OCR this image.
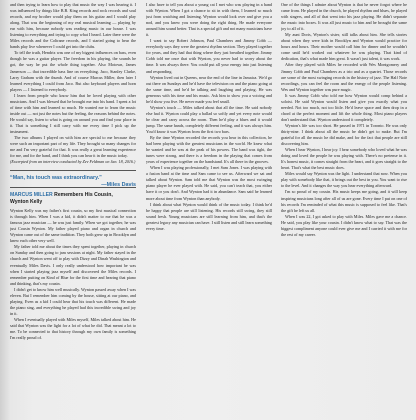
and then trying to learn how to play that music the way I was hearing it. I was influenced by things like B.B. King records and rock records and soul records, and my brother would play them on his guitar and I would play along. That was the beginning of my real musical learning — playing by ear with him, because nobody was reading music in our house. I was listening to everything and trying to copy what I heard. Later there were the Miles records and the Coltrane records, and I started going to hear the bands play live whenever I could get into the clubs.

To tell the truth, Hendrix was one of my biggest influences on bass, even though he was a guitar player. The freedom in his playing, the sounds he got, the way he put the whole thing together. Also Motown, James Jamerson — that incredible bass line on everything. Jaco, Stanley Clarke, Larry Graham with the thumb. And of course Marcus Miller, then later I learned everything I could from Jaco. But also keyboard players and horn players — I listened to everybody.

I learn from people who know him that he loved playing with other musicians. And I was blessed that he brought me into his band. I spent a lot of time with him and learned so much. He wanted me to learn the music inside out — not just the notes but the feeling, the reasons behind the notes. He would say, listen to what is going on around you and find your place in it. That is something I still carry with me every time I pick up the instrument.

The two albums I played on with him are special to me because they were such an important part of my life. They brought so many changes for me and I'm very grateful for that. It was really a great learning experience for me, and for the band, and I think you can hear it in the music today.

(Excerpted from an interview conducted by Zev Feldman on Jan. 18, 2016.)

“Man, his touch was extraordinary.”
—Miles Davis
MARCUS MILLER Remembers His Cousin,
Wynton Kelly

Wynton Kelly was my father's first cousin, so my first musical connection is through him. When I was a kid, it didn't matter to me that he was a famous jazz musician — he was just family. When we got together, he was just Cousin Wynton. My father played piano and organ in church and Wynton came out of the same tradition. They both grew up in Brooklyn and knew each other very well.

My father told me about the times they spent together, playing in church on Sunday and then going to jam sessions at night. My father stayed in the church and Wynton went off to play with Dizzy and Dinah Washington and eventually Miles Davis. I only really understood how important he was when I started playing jazz myself and discovered the Miles records. I remember putting on Kind of Blue for the first time and hearing that piano and thinking, that's my cousin.

I didn't get to know him well musically. Wynton passed away when I was eleven. But I remember him coming by the house, sitting at our piano, and playing. Even as a kid I could hear that his touch was different. He made the piano sing, and everything he played had this incredible swing and joy in it.

When I eventually played with Miles myself, Miles talked about him. He said that Wynton was the light for a lot of what he did. That meant a lot to me. To be connected to that history through my own family is something I'm really proud of.

I also have to tell you about a young cat I met who was playing in a band with Wynton. When I got a chance to sit in with them, I learned so much just from watching and listening. Wynton would look over and give you a nod, and you knew you were doing the right thing. He made everyone around him sound better. That is a special gift and not many musicians have it.

I want to say Robert Johnson, Paul Chambers and Jimmy Cobb — everybody says they were the greatest rhythm section. They played together for years, and they had that thing where they just breathed together. Jimmy Cobb told me once that with Wynton, you never had to worry about the time. It was always there. You could put all your energy into just listening and responding.

Wynton lived out in Queens, near the end of the line in Jamaica. We'd go out there on Sundays and he'd have the television on and the piano going at the same time, and he'd be talking and laughing and playing. He was generous with his time and his music. Ask him to show you a voicing and he'd show you five. He never made you feel small.

Wynton's touch — Miles talked about that all the time. He said nobody else had it. Wynton could play a ballad so softly and yet every note would be clear and carry across the room. Then he'd play a blues and it would jump. The same hands, completely different feeling, and it was always him. You'd know it was Wynton from the first two bars.

By the time Wynton recorded the records you hear in this collection, he had been playing with the greatest musicians in the world. He knew what he wanted and he was at the peak of his powers. The band was tight, the tunes were strong, and there is a freedom in the playing that comes from years of experience together on the bandstand. It's all there in the grooves.

When I was playing professionally, I met Sam Jones. I was playing with a fusion band at the time and Sam came to see us. Afterward we sat and talked about Wynton. Sam told me that Wynton was the most swinging piano player he ever played with. He said, you can't teach that, you either have it or you don't. And Wynton had it in abundance. Sam said he learned more about time from Wynton than anybody.

I think about what Wynton would think of the music today. I think he'd be happy that people are still listening. His records still swing, they still sound fresh. Young musicians are still learning from him, and that's the greatest legacy any musician can have. I still listen and still learn something every time.

One of the things I admire about Wynton is that he never forgot where he came from. He played in the church, he played rhythm and blues, he played with singers, and all of that went into his jazz playing. He didn't separate the music into boxes. It was all just music to him and he brought the same joy to all of it.

My aunt Doris, Wynton's sister, still talks about him. She tells stories about when they were kids in Brooklyn and Wynton would practice for hours and hours. Their mother would call him for dinner and he wouldn't come until he'd worked out whatever he was playing. That kind of dedication, that's what made him great. It wasn't just talent, it was work.

After they played with Miles he recorded with Wes Montgomery and Jimmy Cobb and Paul Chambers as a trio and as a quartet. Those records are some of the most swinging records in the history of jazz. The Half Note recordings, you can feel the room and the energy of the people listening. Wes and Wynton together was pure magic.

It was Jimmy Cobb who told me how Wynton would comp behind a soloist. He said Wynton would listen and give you exactly what you needed. Not too much, not too little. He'd leave space and then drop in a chord at the perfect moment and lift the whole thing. Most piano players don't understand that. Wynton understood it completely.

Wynton's life was too short. He passed in 1971 in Toronto. He was only thirty-nine. I think about all the music he didn't get to make. But I'm grateful for all the music he did make, and for the fact that people are still discovering him.

When I hear Wynton, I hear joy. I hear somebody who loved what he was doing and loved the people he was playing with. There's no pretense in it. It's honest music, it comes straight from the heart, and it goes straight to the heart. That's what the best music does.

Miles would say Wynton was the light. I understand that now. When you play with somebody like that, it brings out the best in you. You want to rise to the level. And it changes the way you hear everything afterward.

I'm so proud of my cousin. His music keeps me going, and it will keep inspiring musicians long after all of us are gone. Every time I put on one of his records I'm reminded of what this music is supposed to feel like. That's the gift he left us all.

When I was 22, I got asked to play with Miles. Miles gave me a chance. He said, you play like your cousin. I didn't know what to say. That was the biggest compliment anyone could ever give me and I carried it with me for the rest of my career.
